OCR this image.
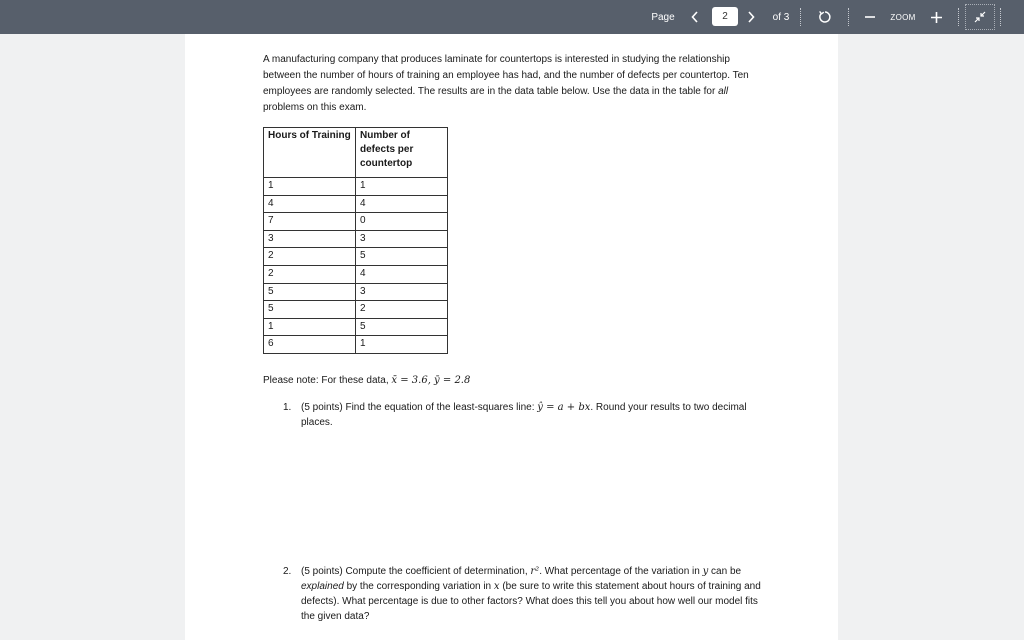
Page	2	of 3	ZOOM

A manufacturing company that produces laminate for countertops is interested in studying the relationship between the number of hours of training an employee has had, and the number of defects per countertop. Ten employees are randomly selected. The results are in the data table below. Use the data in the table for all problems on this exam.

Hours of Training	Number of defects per countertop
1	1
4	4
7	0
3	3
2	5
2	4
5	3
5	2
1	5
6	1
Please note: For these data, x̄ = 3.6, ȳ = 2.8
1. (5 points) Find the equation of the least-squares line: ŷ = a + bx. Round your results to two decimal places.
2. (5 points) Compute the coefficient of determination, r². What percentage of the variation in y can be explained by the corresponding variation in x (be sure to write this statement about hours of training and defects). What percentage is due to other factors? What does this tell you about how well our model fits the given data?
